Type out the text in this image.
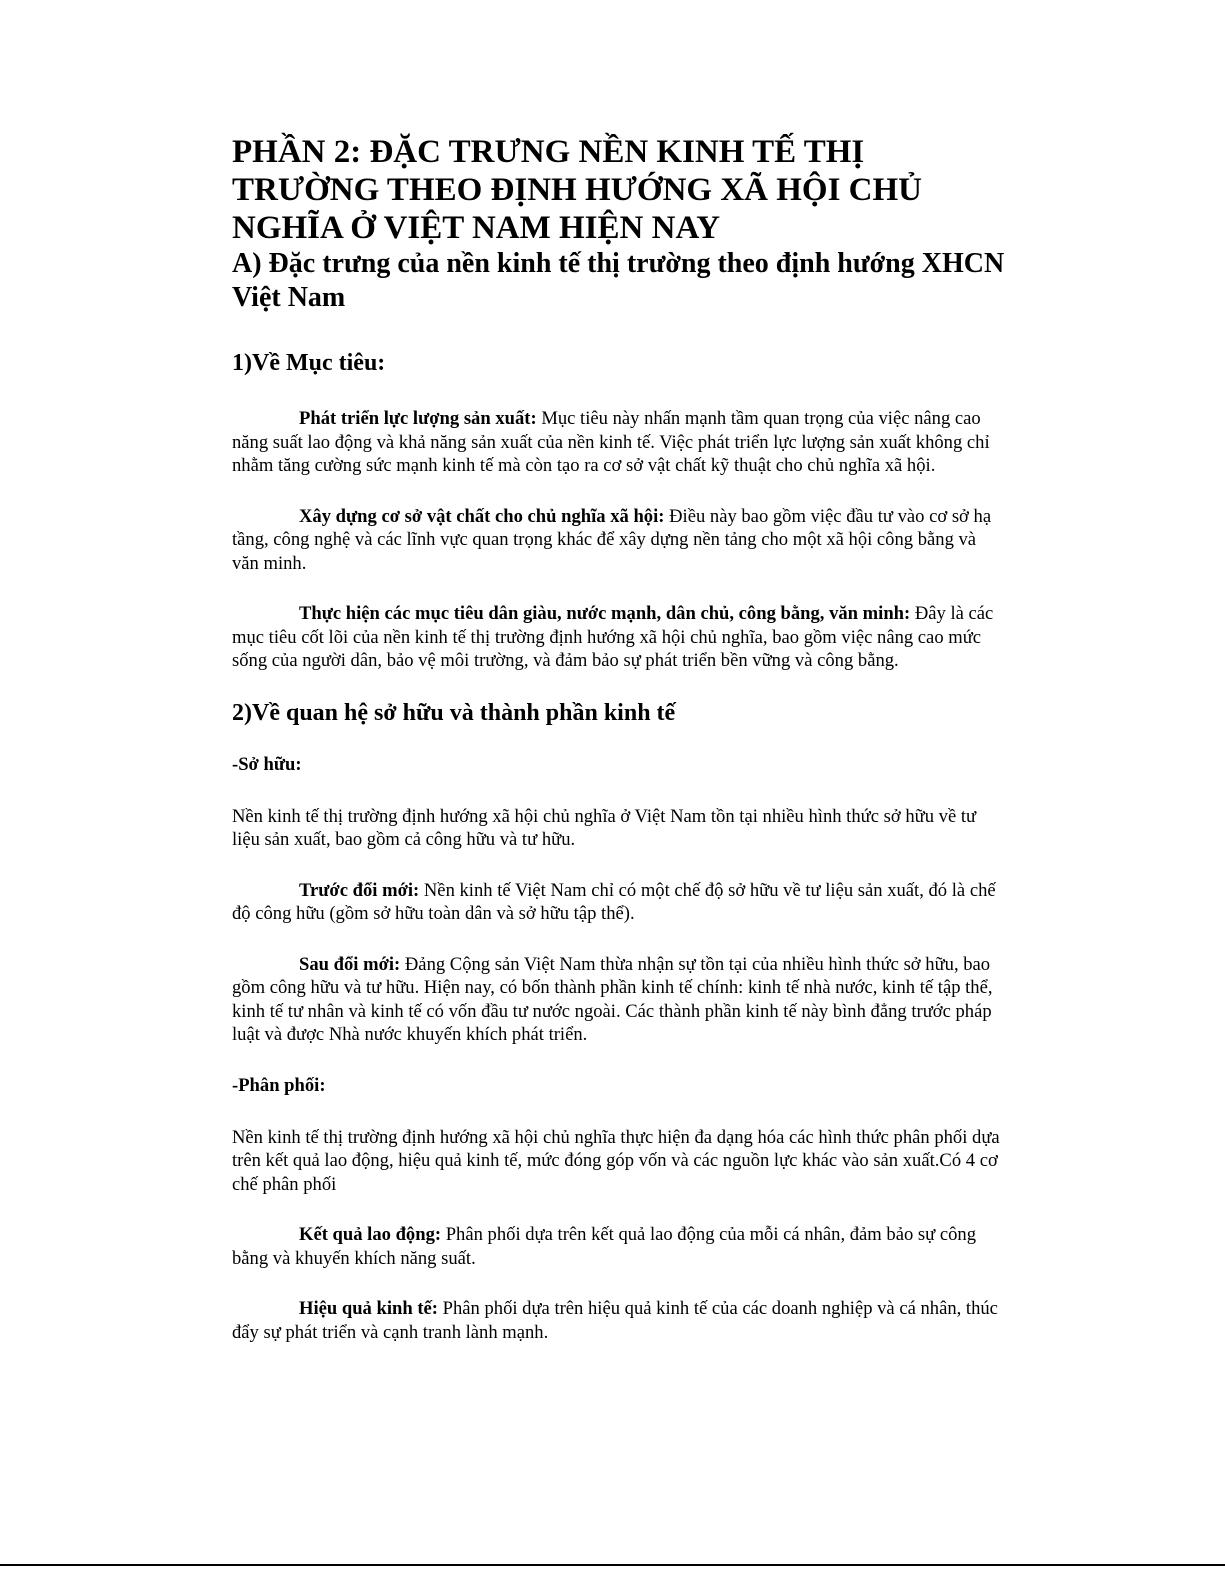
PHẦN 2: ĐẶC TRƯNG NỀN KINH TẾ THỊ TRƯỜNG THEO ĐỊNH HƯỚNG XÃ HỘI CHỦ NGHĨA Ở VIỆT NAM HIỆN NAY
A) Đặc trưng của nền kinh tế thị trường theo định hướng XHCN Việt Nam
1)Về Mục tiêu:

Phát triển lực lượng sản xuất: Mục tiêu này nhấn mạnh tầm quan trọng của việc nâng cao năng suất lao động và khả năng sản xuất của nền kinh tế. Việc phát triển lực lượng sản xuất không chỉ nhằm tăng cường sức mạnh kinh tế mà còn tạo ra cơ sở vật chất kỹ thuật cho chủ nghĩa xã hội.

Xây dựng cơ sở vật chất cho chủ nghĩa xã hội: Điều này bao gồm việc đầu tư vào cơ sở hạ tầng, công nghệ và các lĩnh vực quan trọng khác để xây dựng nền tảng cho một xã hội công bằng và văn minh.

Thực hiện các mục tiêu dân giàu, nước mạnh, dân chủ, công bằng, văn minh: Đây là các mục tiêu cốt lõi của nền kinh tế thị trường định hướng xã hội chủ nghĩa, bao gồm việc nâng cao mức sống của người dân, bảo vệ môi trường, và đảm bảo sự phát triển bền vững và công bằng.

2)Về quan hệ sở hữu và thành phần kinh tế

-Sở hữu:

Nền kinh tế thị trường định hướng xã hội chủ nghĩa ở Việt Nam tồn tại nhiều hình thức sở hữu về tư liệu sản xuất, bao gồm cả công hữu và tư hữu.

Trước đổi mới: Nền kinh tế Việt Nam chỉ có một chế độ sở hữu về tư liệu sản xuất, đó là chế độ công hữu (gồm sở hữu toàn dân và sở hữu tập thể).

Sau đổi mới: Đảng Cộng sản Việt Nam thừa nhận sự tồn tại của nhiều hình thức sở hữu, bao gồm công hữu và tư hữu. Hiện nay, có bốn thành phần kinh tế chính: kinh tế nhà nước, kinh tế tập thể, kinh tế tư nhân và kinh tế có vốn đầu tư nước ngoài. Các thành phần kinh tế này bình đẳng trước pháp luật và được Nhà nước khuyến khích phát triển.

-Phân phối:

Nền kinh tế thị trường định hướng xã hội chủ nghĩa thực hiện đa dạng hóa các hình thức phân phối dựa trên kết quả lao động, hiệu quả kinh tế, mức đóng góp vốn và các nguồn lực khác vào sản xuất.Có 4 cơ chế phân phối

Kết quả lao động: Phân phối dựa trên kết quả lao động của mỗi cá nhân, đảm bảo sự công bằng và khuyến khích năng suất.

Hiệu quả kinh tế: Phân phối dựa trên hiệu quả kinh tế của các doanh nghiệp và cá nhân, thúc đẩy sự phát triển và cạnh tranh lành mạnh.
